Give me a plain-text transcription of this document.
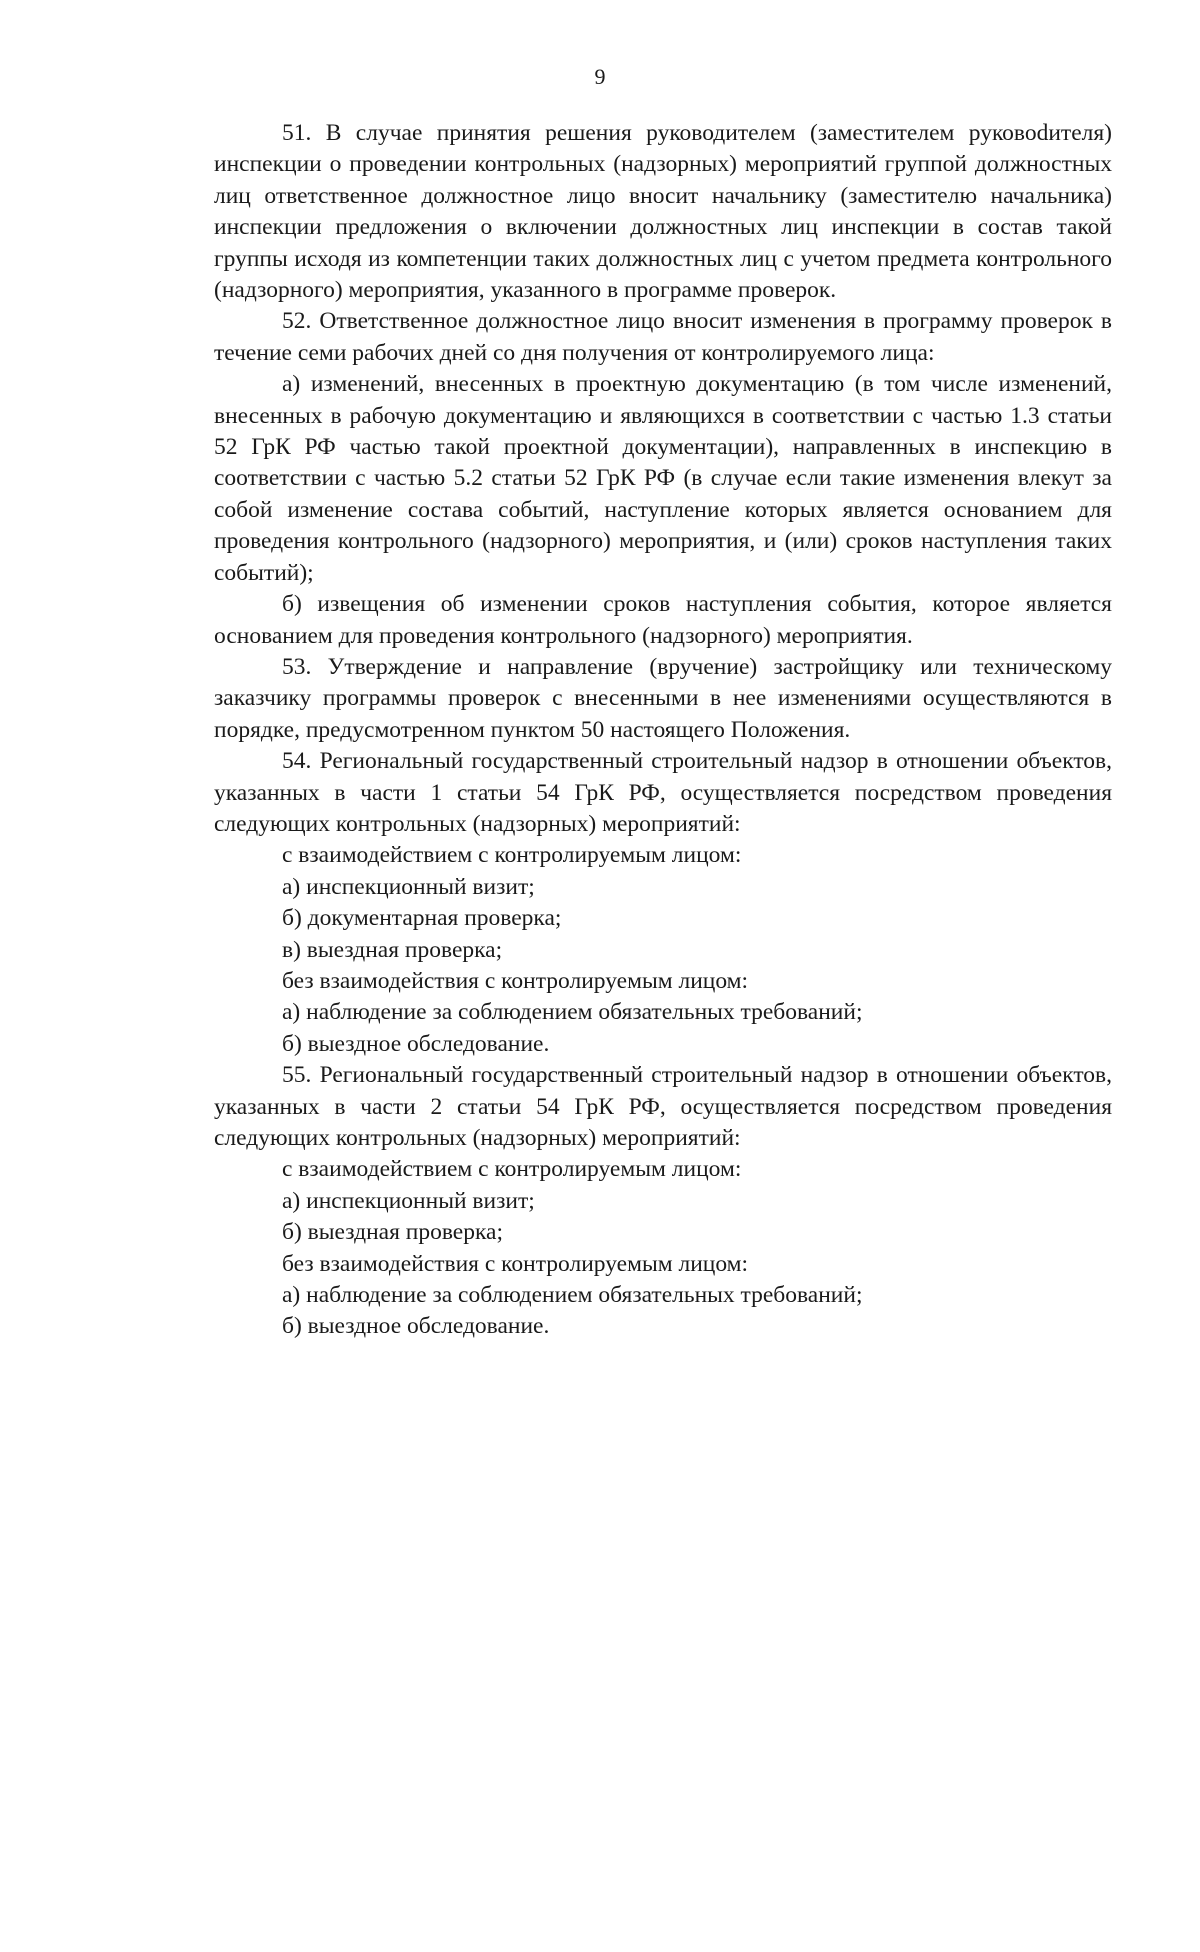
9

51. В случае принятия решения руководителем (заместителем руковоdителя) инспекции о проведении контрольных (надзорных) мероприятий группой должностных лиц ответственное должностное лицо вносит начальнику (заместителю начальника) инспекции предложения о включении должностных лиц инспекции в состав такой группы исходя из компетенции таких должностных лиц с учетом предмета контрольного (надзорного) мероприятия, указанного в программе проверок.

52. Ответственное должностное лицо вносит изменения в программу проверок в течение семи рабочих дней со дня получения от контролируемого лица:

а) изменений, внесенных в проектную документацию (в том числе изменений, внесенных в рабочую документацию и являющихся в соответствии с частью 1.3 статьи 52 ГрК РФ частью такой проектной документации), направленных в инспекцию в соответствии с частью 5.2 статьи 52 ГрК РФ (в случае если такие изменения влекут за собой изменение состава событий, наступление которых является основанием для проведения контрольного (надзорного) мероприятия, и (или) сроков наступления таких событий);

б) извещения об изменении сроков наступления события, которое является основанием для проведения контрольного (надзорного) мероприятия.

53. Утверждение и направление (вручение) застройщику или техническому заказчику программы проверок с внесенными в нее изменениями осуществляются в порядке, предусмотренном пунктом 50 настоящего Положения.

54. Региональный государственный строительный надзор в отношении объектов, указанных в части 1 статьи 54 ГрК РФ, осуществляется посредством проведения следующих контрольных (надзорных) мероприятий:

с взаимодействием с контролируемым лицом:

а) инспекционный визит;

б) документарная проверка;

в) выездная проверка;

без взаимодействия с контролируемым лицом:

а) наблюдение за соблюдением обязательных требований;

б) выездное обследование.

55. Региональный государственный строительный надзор в отношении объектов, указанных в части 2 статьи 54 ГрК РФ, осуществляется посредством проведения следующих контрольных (надзорных) мероприятий:

с взаимодействием с контролируемым лицом:

а) инспекционный визит;

б) выездная проверка;

без взаимодействия с контролируемым лицом:

а) наблюдение за соблюдением обязательных требований;

б) выездное обследование.
